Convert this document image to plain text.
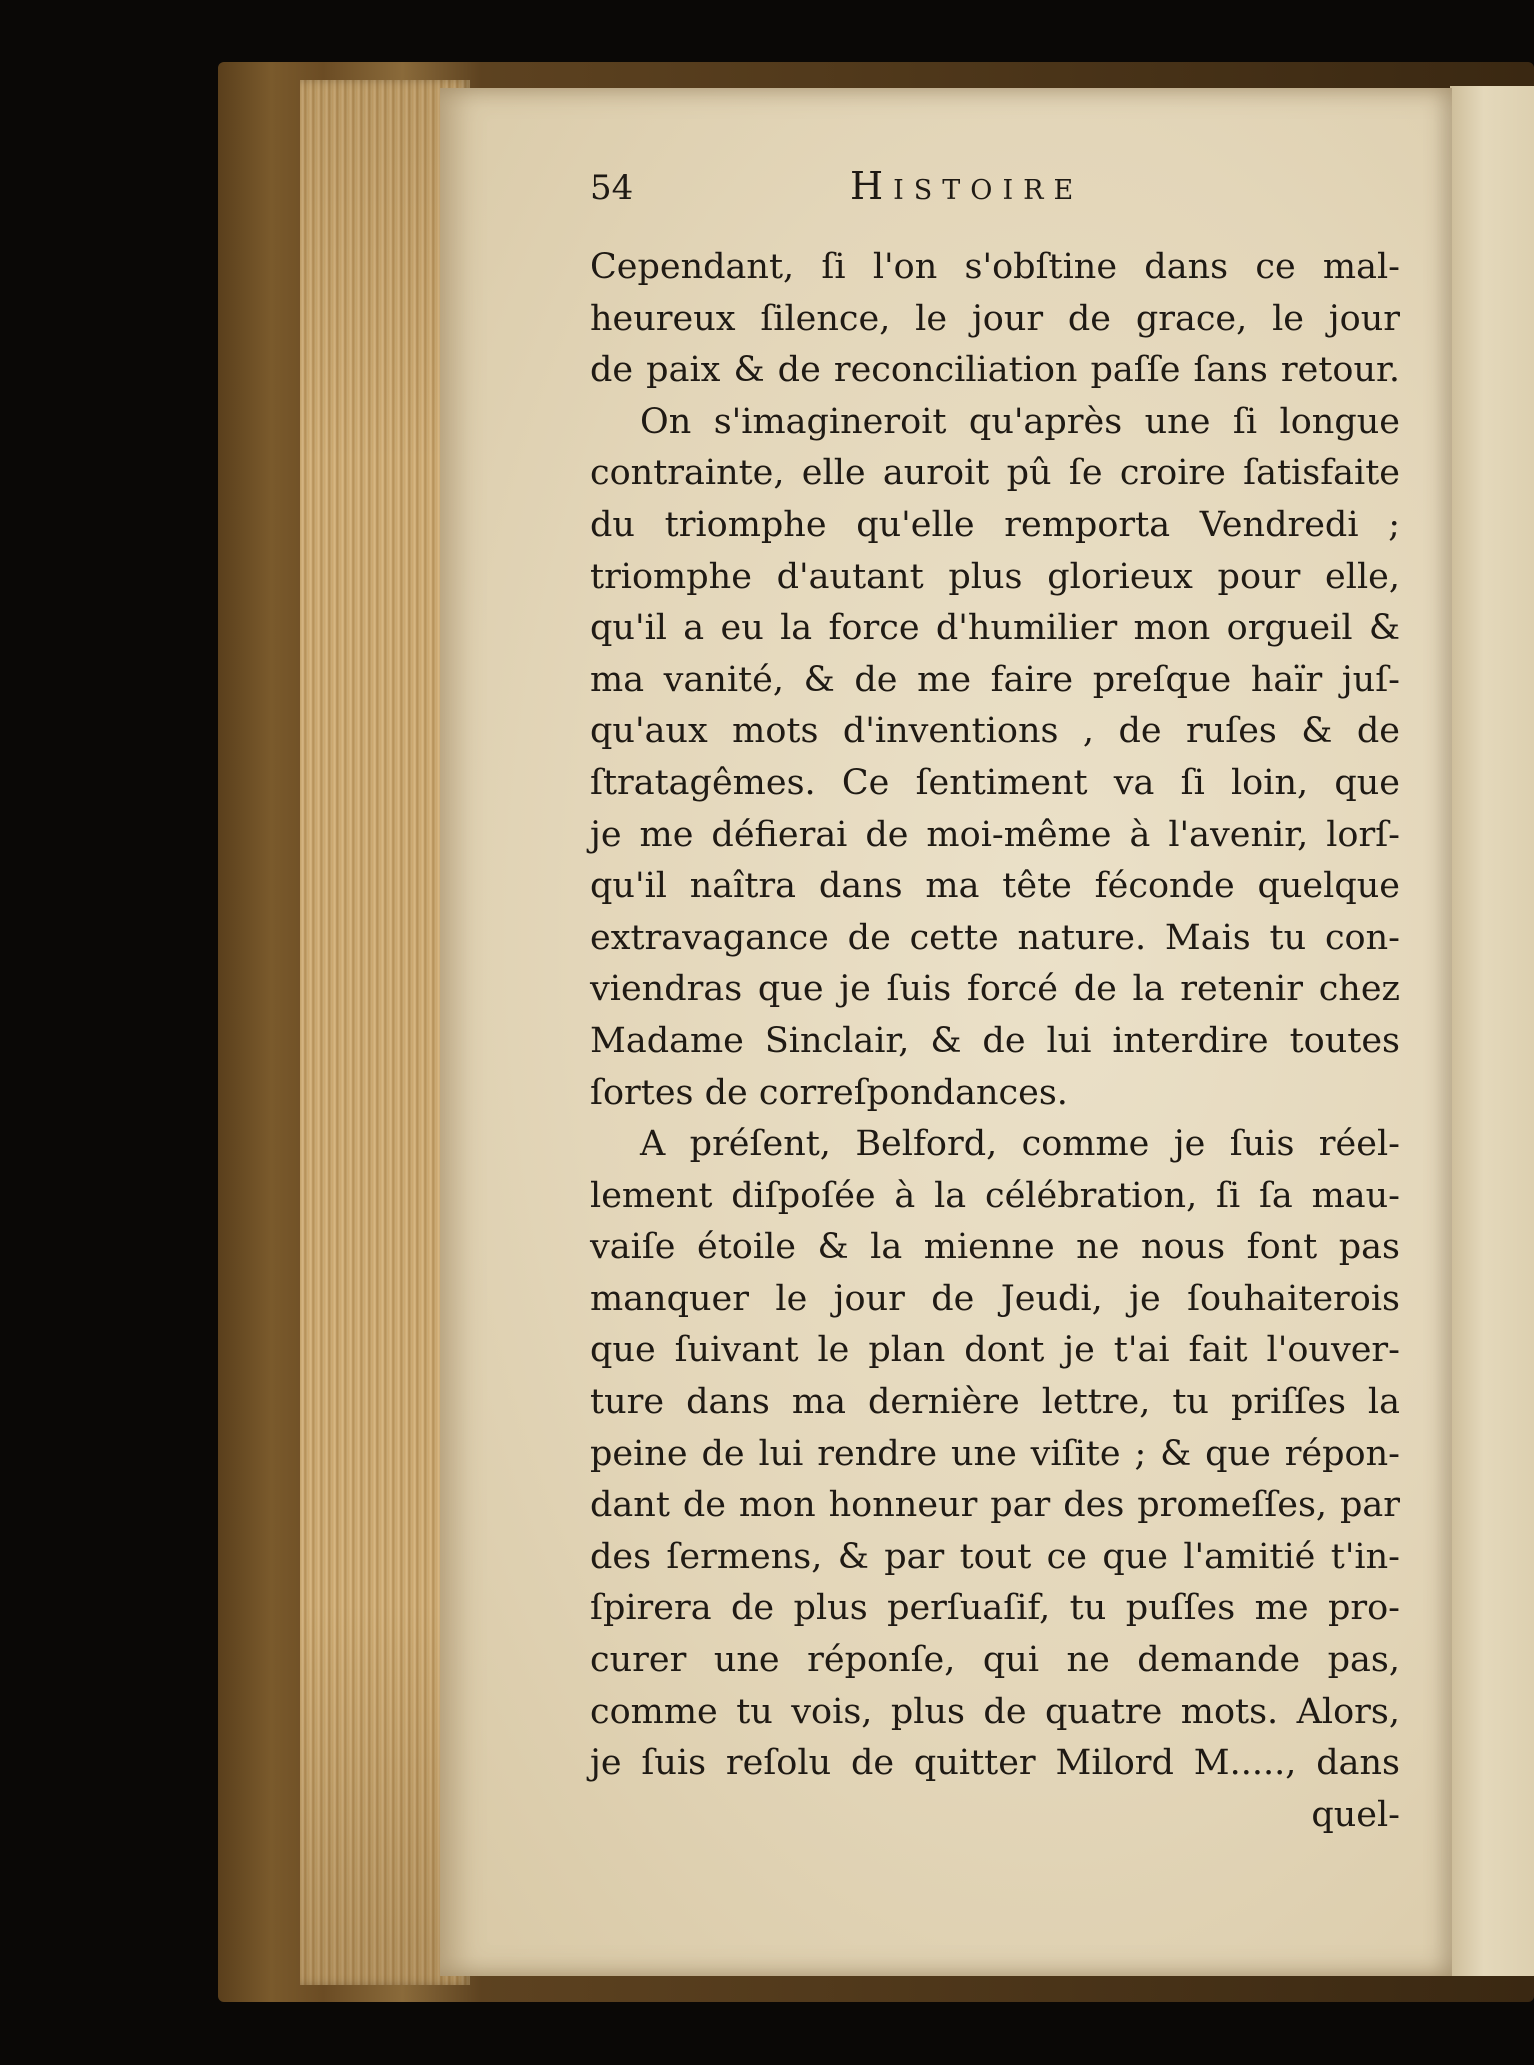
54	Histoire
Cependant, ſi l'on s'obſtine dans ce mal-
heureux ſilence, le jour de grace, le jour
de paix & de reconciliation paſſe ſans retour.
On s'imagineroit qu'après une ſi longue
contrainte, elle auroit pû ſe croire ſatisfaite
du triomphe qu'elle remporta Vendredi ;
triomphe d'autant plus glorieux pour elle,
qu'il a eu la force d'humilier mon orgueil &
ma vanité, & de me faire preſque haïr juſ-
qu'aux mots d'inventions , de ruſes & de
ſtratagêmes. Ce ſentiment va ſi loin, que
je me défierai de moi-même à l'avenir, lorſ-
qu'il naîtra dans ma tête féconde quelque
extravagance de cette nature. Mais tu con-
viendras que je ſuis forcé de la retenir chez
Madame Sinclair, & de lui interdire toutes
ſortes de correſpondances.
A préſent, Belford, comme je ſuis réel-
lement diſpoſée à la célébration, ſi ſa mau-
vaiſe étoile & la mienne ne nous font pas
manquer le jour de Jeudi, je ſouhaiterois
que ſuivant le plan dont je t'ai fait l'ouver-
ture dans ma dernière lettre, tu priſſes la
peine de lui rendre une viſite ; & que répon-
dant de mon honneur par des promeſſes, par
des ſermens, & par tout ce que l'amitié t'in-
ſpirera de plus perſuaſif, tu puſſes me pro-
curer une réponſe, qui ne demande pas,
comme tu vois, plus de quatre mots. Alors,
je ſuis reſolu de quitter Milord M....., dans
quel-
